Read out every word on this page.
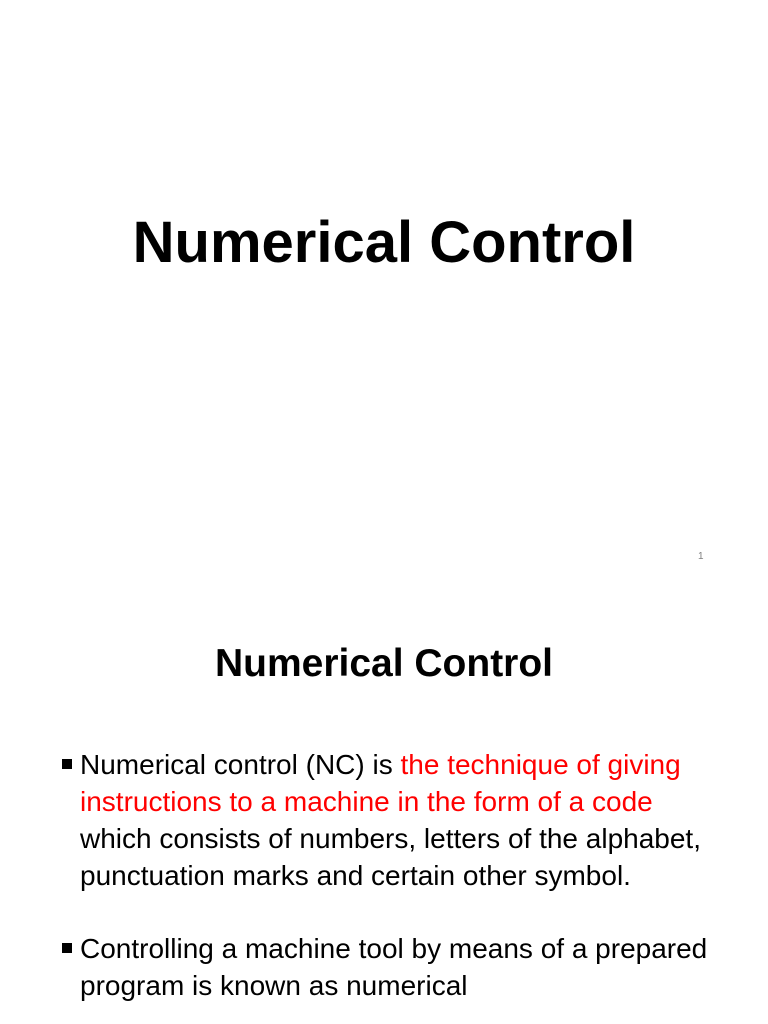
Numerical Control
1
Numerical Control
Numerical control (NC) is the technique of giving instructions to a machine in the form of a code which consists of numbers, letters of the alphabet, punctuation marks and certain other symbol.
Controlling a machine tool by means of a prepared program is known as numerical
